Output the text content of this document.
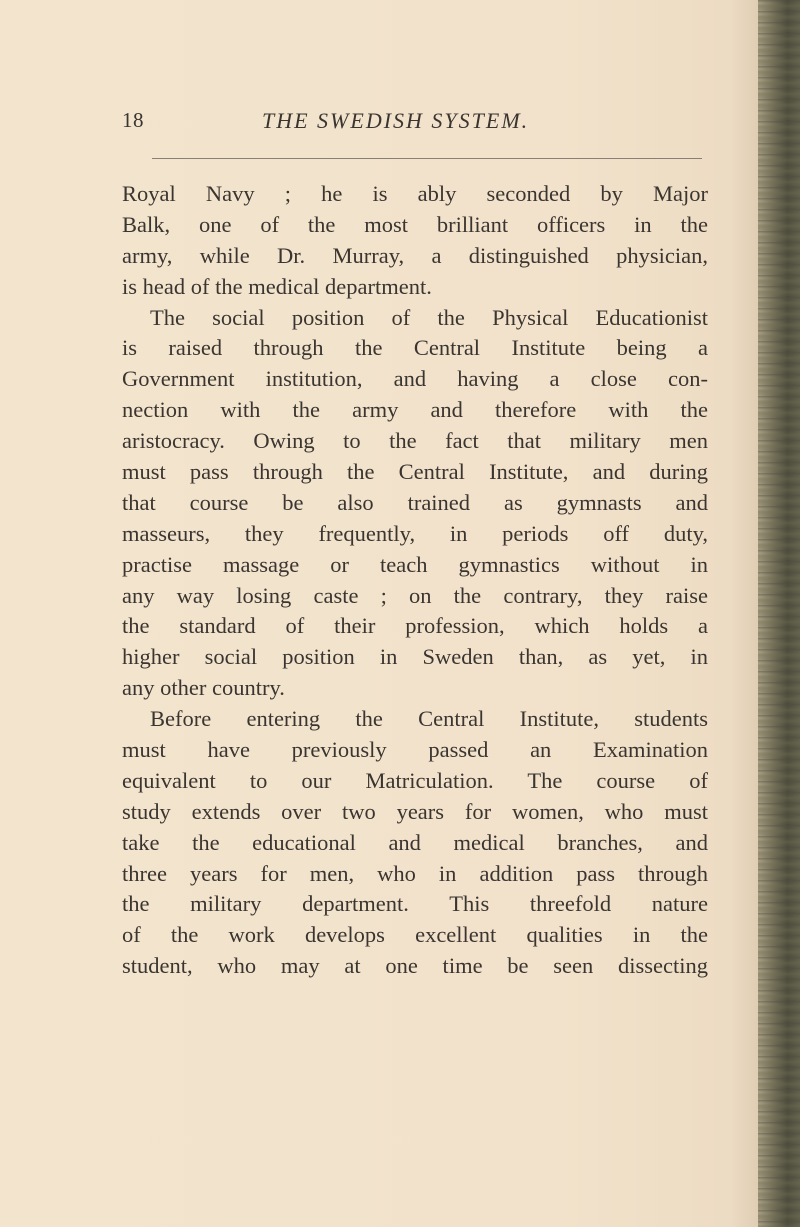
18	THE SWEDISH SYSTEM.
Royal Navy ; he is ably seconded by Major
Balk, one of the most brilliant officers in the
army, while Dr. Murray, a distinguished physician,
is head of the medical department.
The social position of the Physical Educationist
is raised through the Central Institute being a
Government institution, and having a close con-
nection with the army and therefore with the
aristocracy. Owing to the fact that military men
must pass through the Central Institute, and during
that course be also trained as gymnasts and
masseurs, they frequently, in periods off duty,
practise massage or teach gymnastics without in
any way losing caste ; on the contrary, they raise
the standard of their profession, which holds a
higher social position in Sweden than, as yet, in
any other country.
Before entering the Central Institute, students
must have previously passed an Examination
equivalent to our Matriculation. The course of
study extends over two years for women, who must
take the educational and medical branches, and
three years for men, who in addition pass through
the military department. This threefold nature
of the work develops excellent qualities in the
student, who may at one time be seen dissecting
